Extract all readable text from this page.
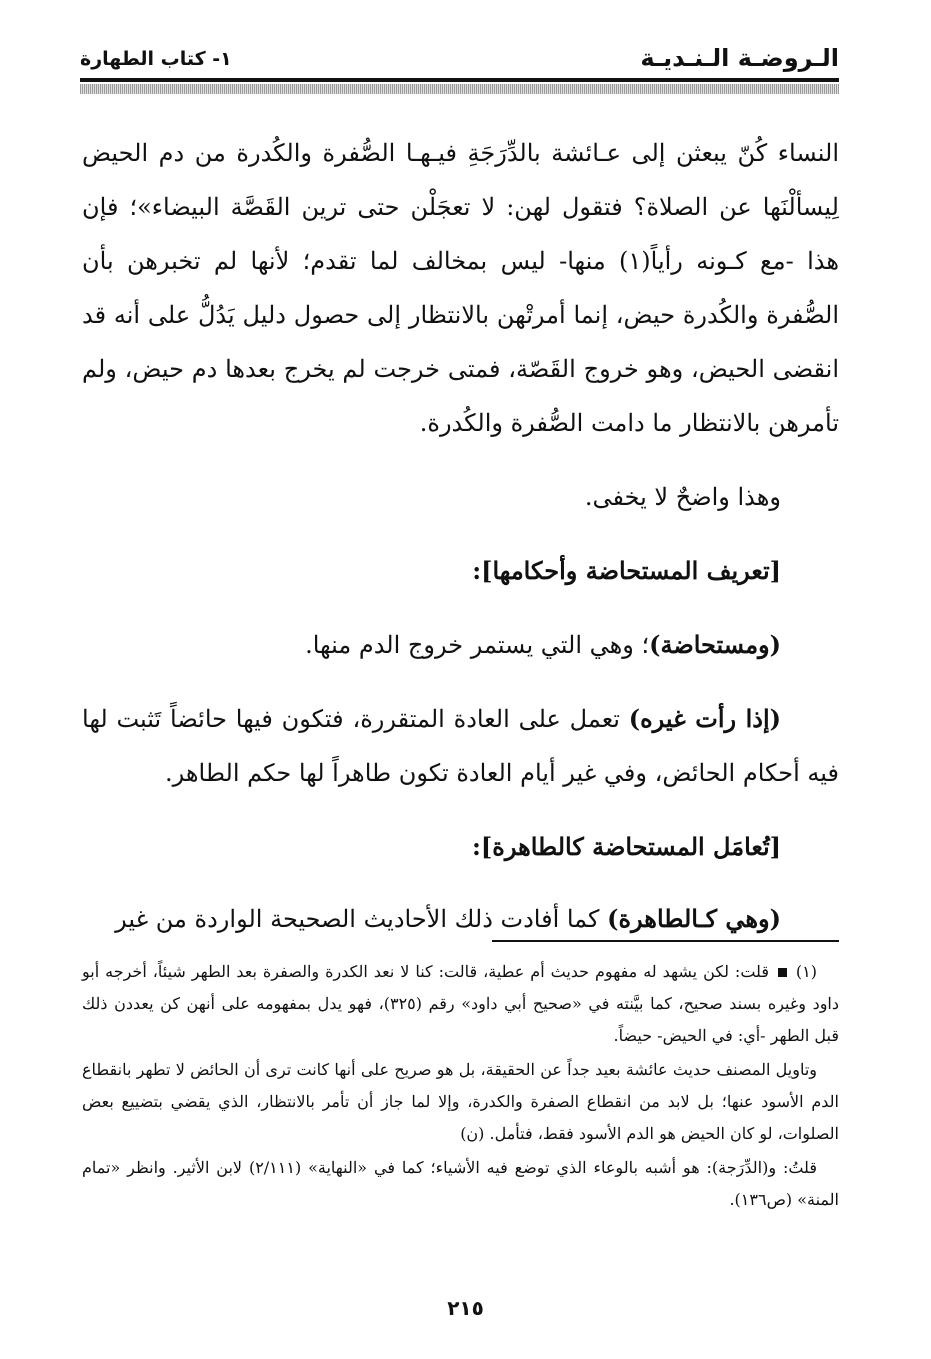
الـروضـة الـنـديـة
١- كتاب الطهارة

النساء كُنّ يبعثن إلى عـائشة بالدِّرَجَةِ فيـهـا الصُّفرة والكُدرة من دم الحيض لِيسألْنَها عن الصلاة؟ فتقول لهن: لا تعجَلْن حتى ترين القَصَّة البيضاء»؛ فإن هذا -مع كـونه رأياً(١) منها- ليس بمخالف لما تقدم؛ لأنها لم تخبرهن بأن الصُّفرة والكُدرة حيض، إنما أمرتْهن بالانتظار إلى حصول دليل يَدُلُّ على أنه قد انقضى الحيض، وهو خروج القَصّة، فمتى خرجت لم يخرج بعدها دم حيض، ولم تأمرهن بالانتظار ما دامت الصُّفرة والكُدرة.

وهذا واضحٌ لا يخفى.

[تعريف المستحاضة وأحكامها]:

(ومستحاضة)؛ وهي التي يستمر خروج الدم منها.

(إذا رأت غيره) تعمل على العادة المتقررة، فتكون فيها حائضاً تَثبت لها فيه أحكام الحائض، وفي غير أيام العادة تكون طاهراً لها حكم الطاهر.

[تُعامَل المستحاضة كالطاهرة]:

(وهي كـالطاهرة) كما أفادت ذلك الأحاديث الصحيحة الواردة من غير

(١)  قلت: لكن يشهد له مفهوم حديث أم عطية، قالت: كنا لا نعد الكدرة والصفرة بعد الطهر شيئاً، أخرجه أبو داود وغيره بسند صحيح، كما بيَّنته في «صحيح أبي داود» رقم (٣٢٥)، فهو يدل بمفهومه على أنهن كن يعددن ذلك قبل الطهر -أي: في الحيض- حيضاً.

وتاويل المصنف حديث عائشة بعيد جداً عن الحقيقة، بل هو صريح على أنها كانت ترى أن الحائض لا تطهر بانقطاع الدم الأسود عنها؛ بل لابد من انقطاع الصفرة والكدرة، وإلا لما جاز أن تأمر بالانتظار، الذي يقضي بتضييع بعض الصلوات، لو كان الحيض هو الدم الأسود فقط، فتأمل. (ن)

قلتُ: و(الدِّرَجة): هو أشبه بالوعاء الذي توضع فيه الأشياء؛ كما في «النهاية» (٢/١١١) لابن الأثير. وانظر «تمام المنة» (ص١٣٦).

٢١٥
